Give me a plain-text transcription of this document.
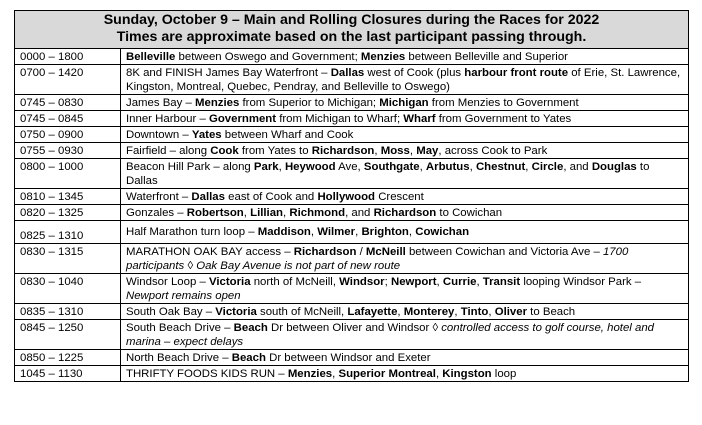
Sunday, October 9 – Main and Rolling Closures during the Races for 2022
Times are approximate based on the last participant passing through.	

0000 – 1800	Belleville between Oswego and Government; Menzies between Belleville and Superior
0700 – 1420	8K and FINISH James Bay Waterfront – Dallas west of Cook (plus harbour front route of Erie, St. Lawrence, Kingston, Montreal, Quebec, Pendray, and Belleville to Oswego)
0745 – 0830	James Bay – Menzies from Superior to Michigan; Michigan from Menzies to Government
0745 – 0845	Inner Harbour – Government from Michigan to Wharf; Wharf from Government to Yates
0750 – 0900	Downtown – Yates between Wharf and Cook
0755 – 0930	Fairfield – along Cook from Yates to Richardson, Moss, May, across Cook to Park
0800 – 1000	Beacon Hill Park – along Park, Heywood Ave, Southgate, Arbutus, Chestnut, Circle, and Douglas to Dallas
0810 – 1345	Waterfront – Dallas east of Cook and Hollywood Crescent
0820 – 1325	Gonzales – Robertson, Lillian, Richmond, and Richardson to Cowichan
0825 – 1310	Half Marathon turn loop – Maddison, Wilmer, Brighton, Cowichan
0830 – 1315	MARATHON OAK BAY access – Richardson / McNeill between Cowichan and Victoria Ave – 1700 participants ◊ Oak Bay Avenue is not part of new route
0830 – 1040	Windsor Loop – Victoria north of McNeill, Windsor; Newport, Currie, Transit looping Windsor Park – Newport remains open
0835 – 1310	South Oak Bay – Victoria south of McNeill, Lafayette, Monterey, Tinto, Oliver to Beach
0845 – 1250	South Beach Drive – Beach Dr between Oliver and Windsor ◊ controlled access to golf course, hotel and marina – expect delays
0850 – 1225	North Beach Drive – Beach Dr between Windsor and Exeter
1045 – 1130	THRIFTY FOODS KIDS RUN – Menzies, Superior Montreal, Kingston loop
